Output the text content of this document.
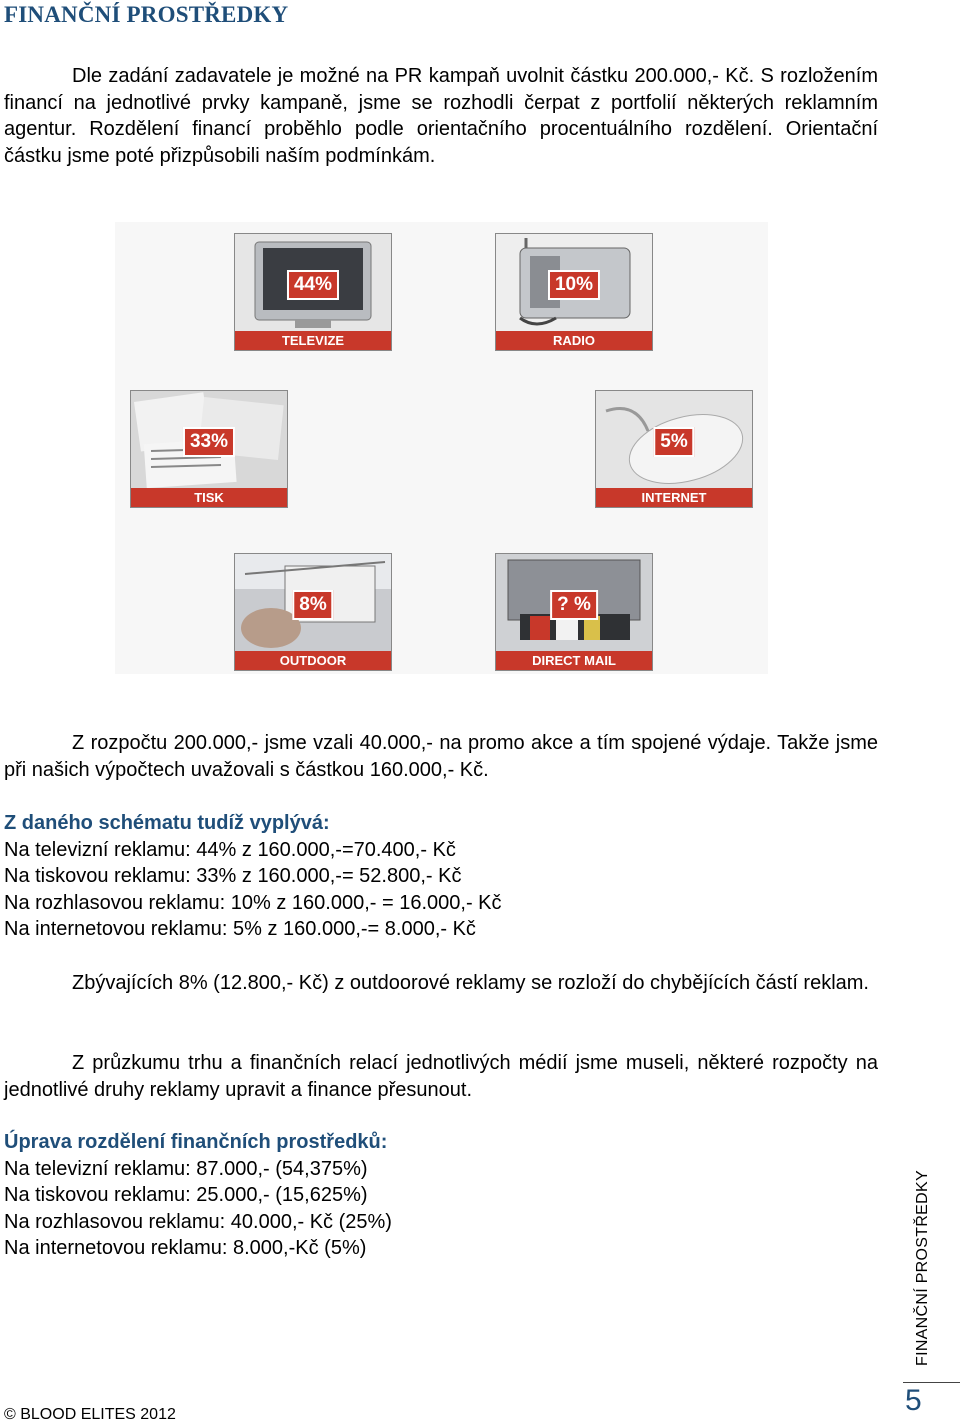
FINANČNÍ PROSTŘEDKY

Dle zadání zadavatele je možné na PR kampaň uvolnit částku 200.000,- Kč. S rozložením financí na jednotlivé prvky kampaně, jsme se rozhodli čerpat z portfolií některých reklamním agentur. Rozdělení financí proběhlo podle orientačního procentuálního rozdělení. Orientační částku jsme poté přizpůsobili naším podmínkám.

44%
TELEVIZE
10%
RADIO
33%
TISK
5%
INTERNET
8%
OUTDOOR
? %
DIRECT MAIL

Z rozpočtu 200.000,- jsme vzali 40.000,- na promo akce a tím spojené výdaje. Takže jsme při našich výpočtech uvažovali s částkou 160.000,- Kč.

Z daného schématu tudíž vyplývá:

Na televizní reklamu: 44% z 160.000,-=70.400,- Kč

Na tiskovou reklamu: 33% z 160.000,-= 52.800,- Kč

Na rozhlasovou reklamu: 10% z 160.000,- = 16.000,- Kč

Na internetovou reklamu: 5% z 160.000,-= 8.000,- Kč

Zbývajících 8% (12.800,- Kč) z outdoorové reklamy se rozloží do chybějících částí reklam.

Z průzkumu trhu a finančních relací jednotlivých médií jsme museli, některé rozpočty na jednotlivé druhy reklamy upravit a finance přesunout.

Úprava rozdělení finančních prostředků:

Na televizní reklamu: 87.000,- (54,375%)

Na tiskovou reklamu: 25.000,- (15,625%)

Na rozhlasovou reklamu: 40.000,- Kč (25%)

Na internetovou reklamu: 8.000,-Kč (5%)	FINANČNÍ PROSTŘEDKY
5
© BLOOD ELITES 2012
